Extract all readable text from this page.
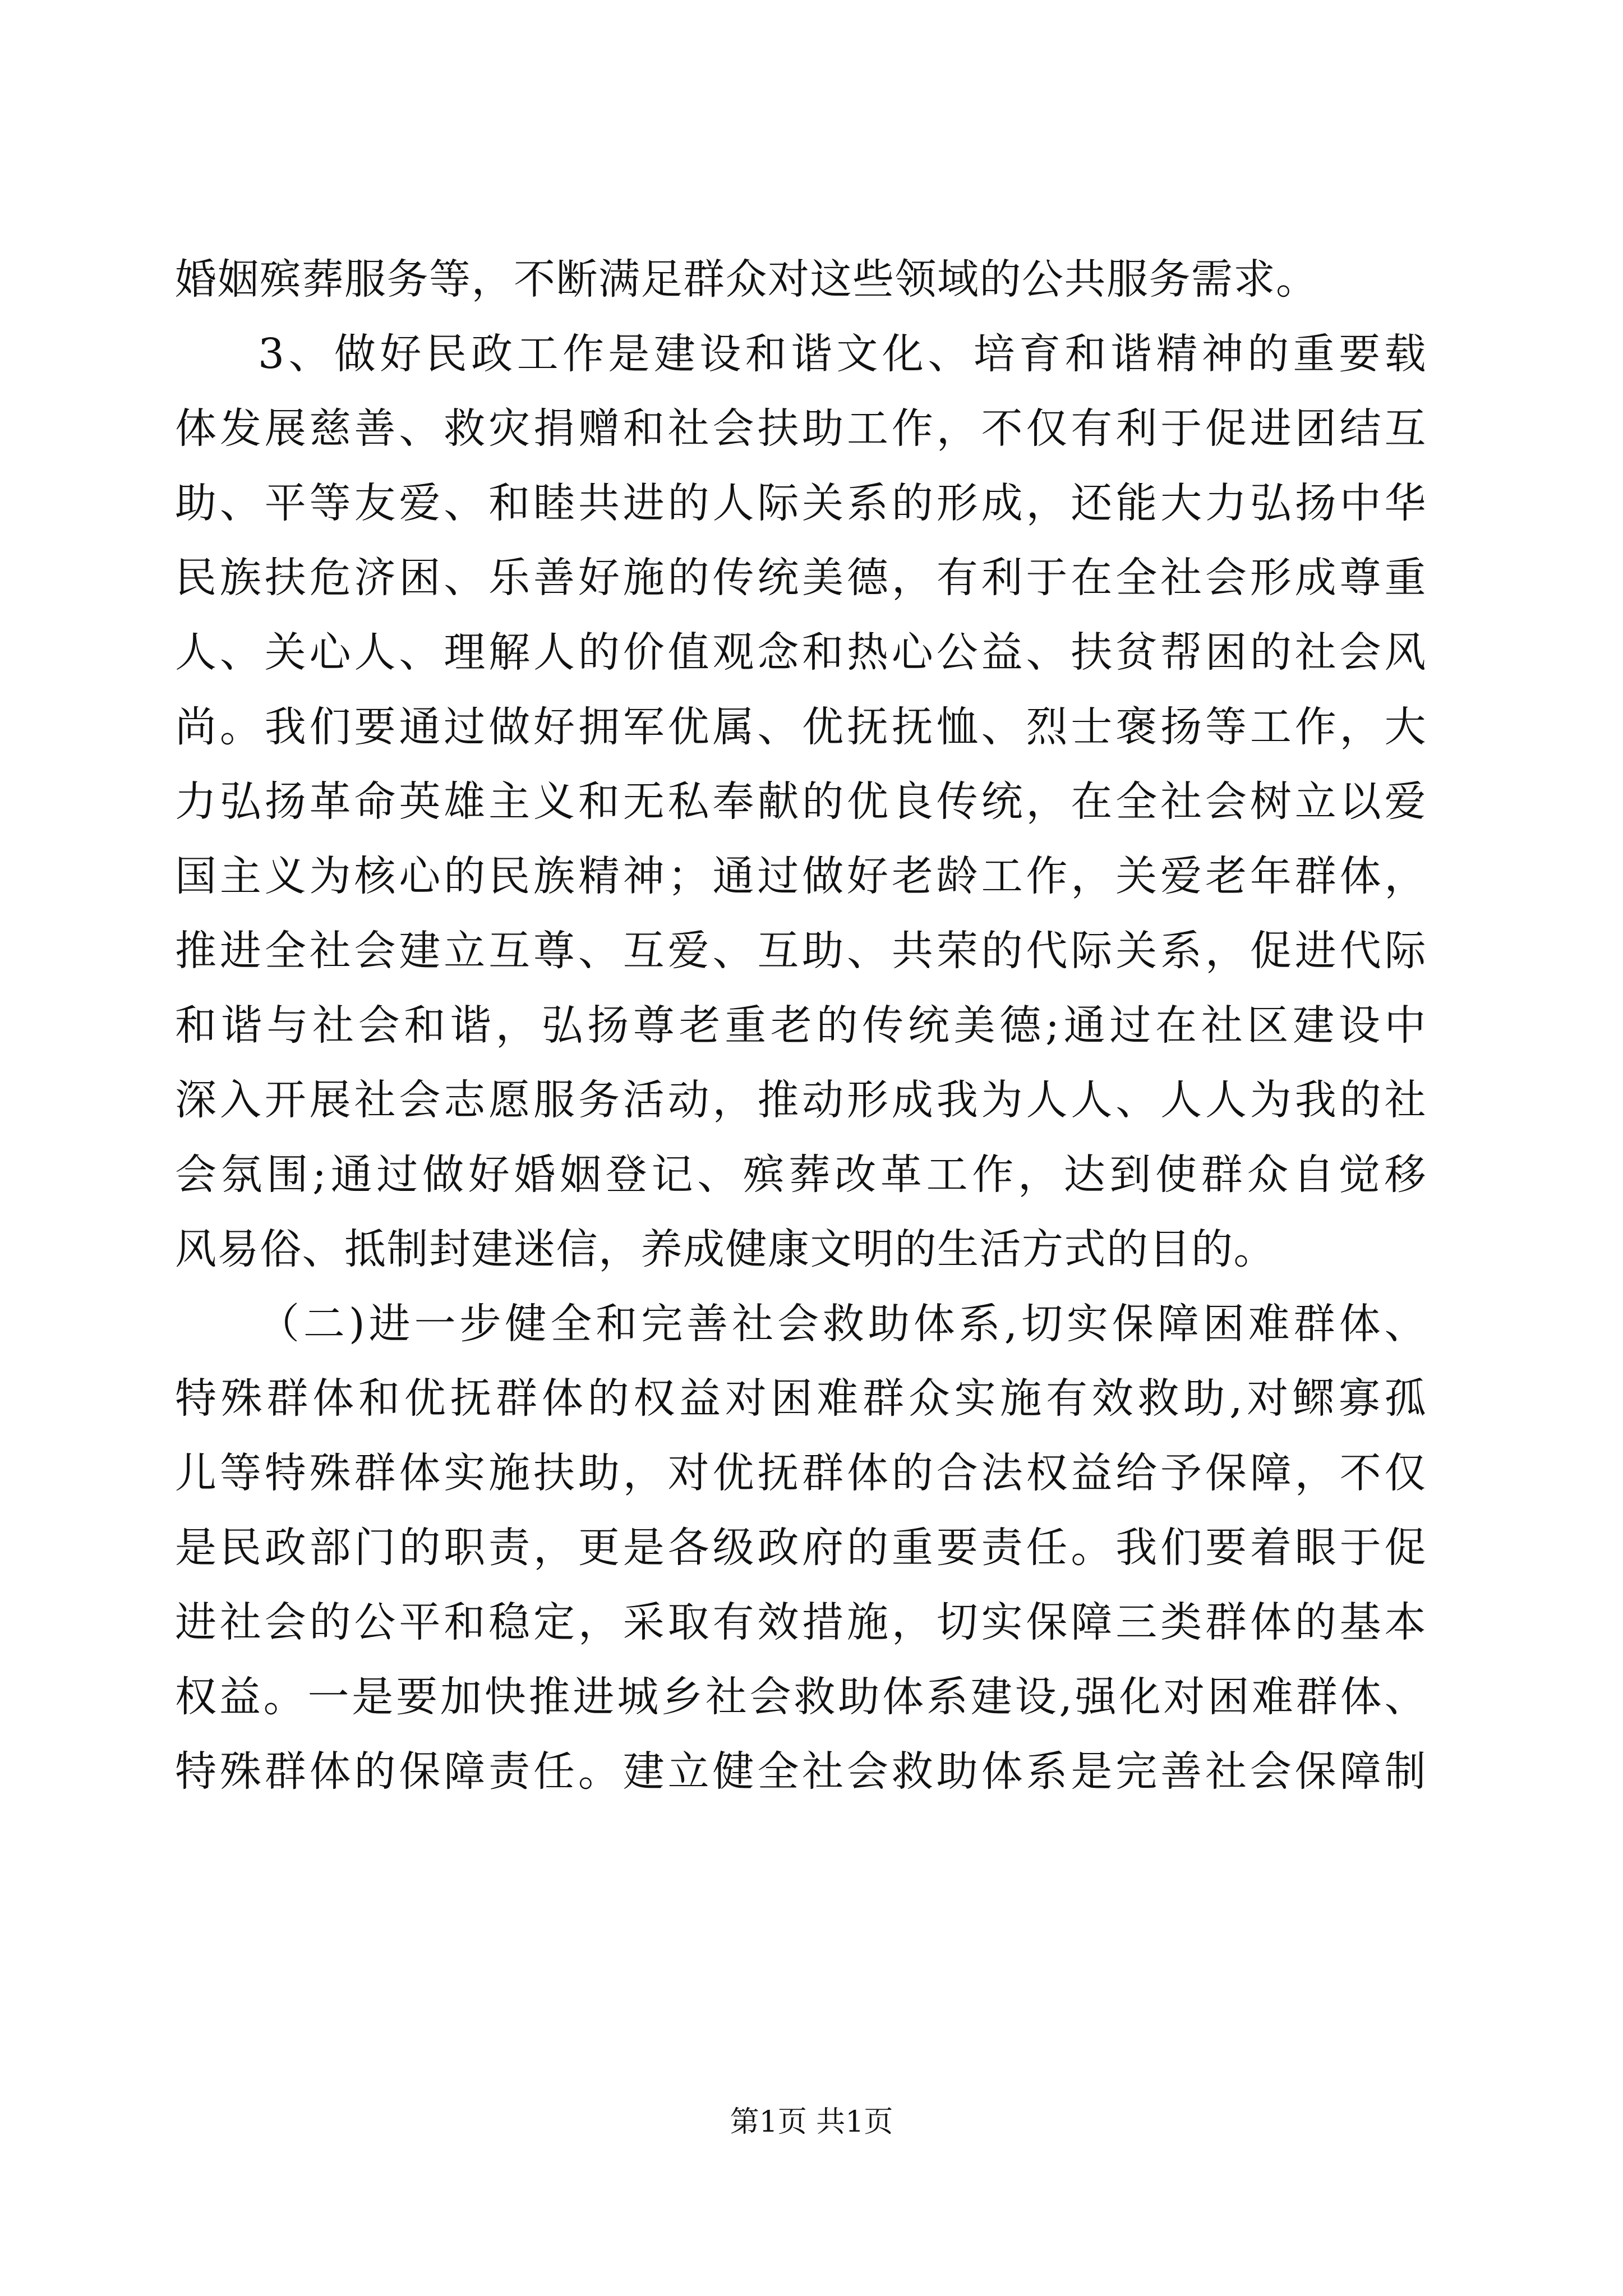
婚姻殡葬服务等，不断满足群众对这些领域的公共服务需求。
3、做好民政工作是建设和谐文化、培育和谐精神的重要载
体发展慈善、救灾捐赠和社会扶助工作，不仅有利于促进团结互
助、平等友爱、和睦共进的人际关系的形成，还能大力弘扬中华
民族扶危济困、乐善好施的传统美德，有利于在全社会形成尊重
人、关心人、理解人的价值观念和热心公益、扶贫帮困的社会风
尚。我们要通过做好拥军优属、优抚抚恤、烈士褒扬等工作，大
力弘扬革命英雄主义和无私奉献的优良传统，在全社会树立以爱
国主义为核心的民族精神；通过做好老龄工作，关爱老年群体，
推进全社会建立互尊、互爱、互助、共荣的代际关系，促进代际
和谐与社会和谐，弘扬尊老重老的传统美德;通过在社区建设中
深入开展社会志愿服务活动，推动形成我为人人、人人为我的社
会氛围;通过做好婚姻登记、殡葬改革工作，达到使群众自觉移
风易俗、抵制封建迷信，养成健康文明的生活方式的目的。
（二)进一步健全和完善社会救助体系,切实保障困难群体、
特殊群体和优抚群体的权益对困难群众实施有效救助,对鳏寡孤
儿等特殊群体实施扶助，对优抚群体的合法权益给予保障，不仅
是民政部门的职责，更是各级政府的重要责任。我们要着眼于促
进社会的公平和稳定，采取有效措施，切实保障三类群体的基本
权益。一是要加快推进城乡社会救助体系建设,强化对困难群体、
特殊群体的保障责任。建立健全社会救助体系是完善社会保障制
第1页 共1页
